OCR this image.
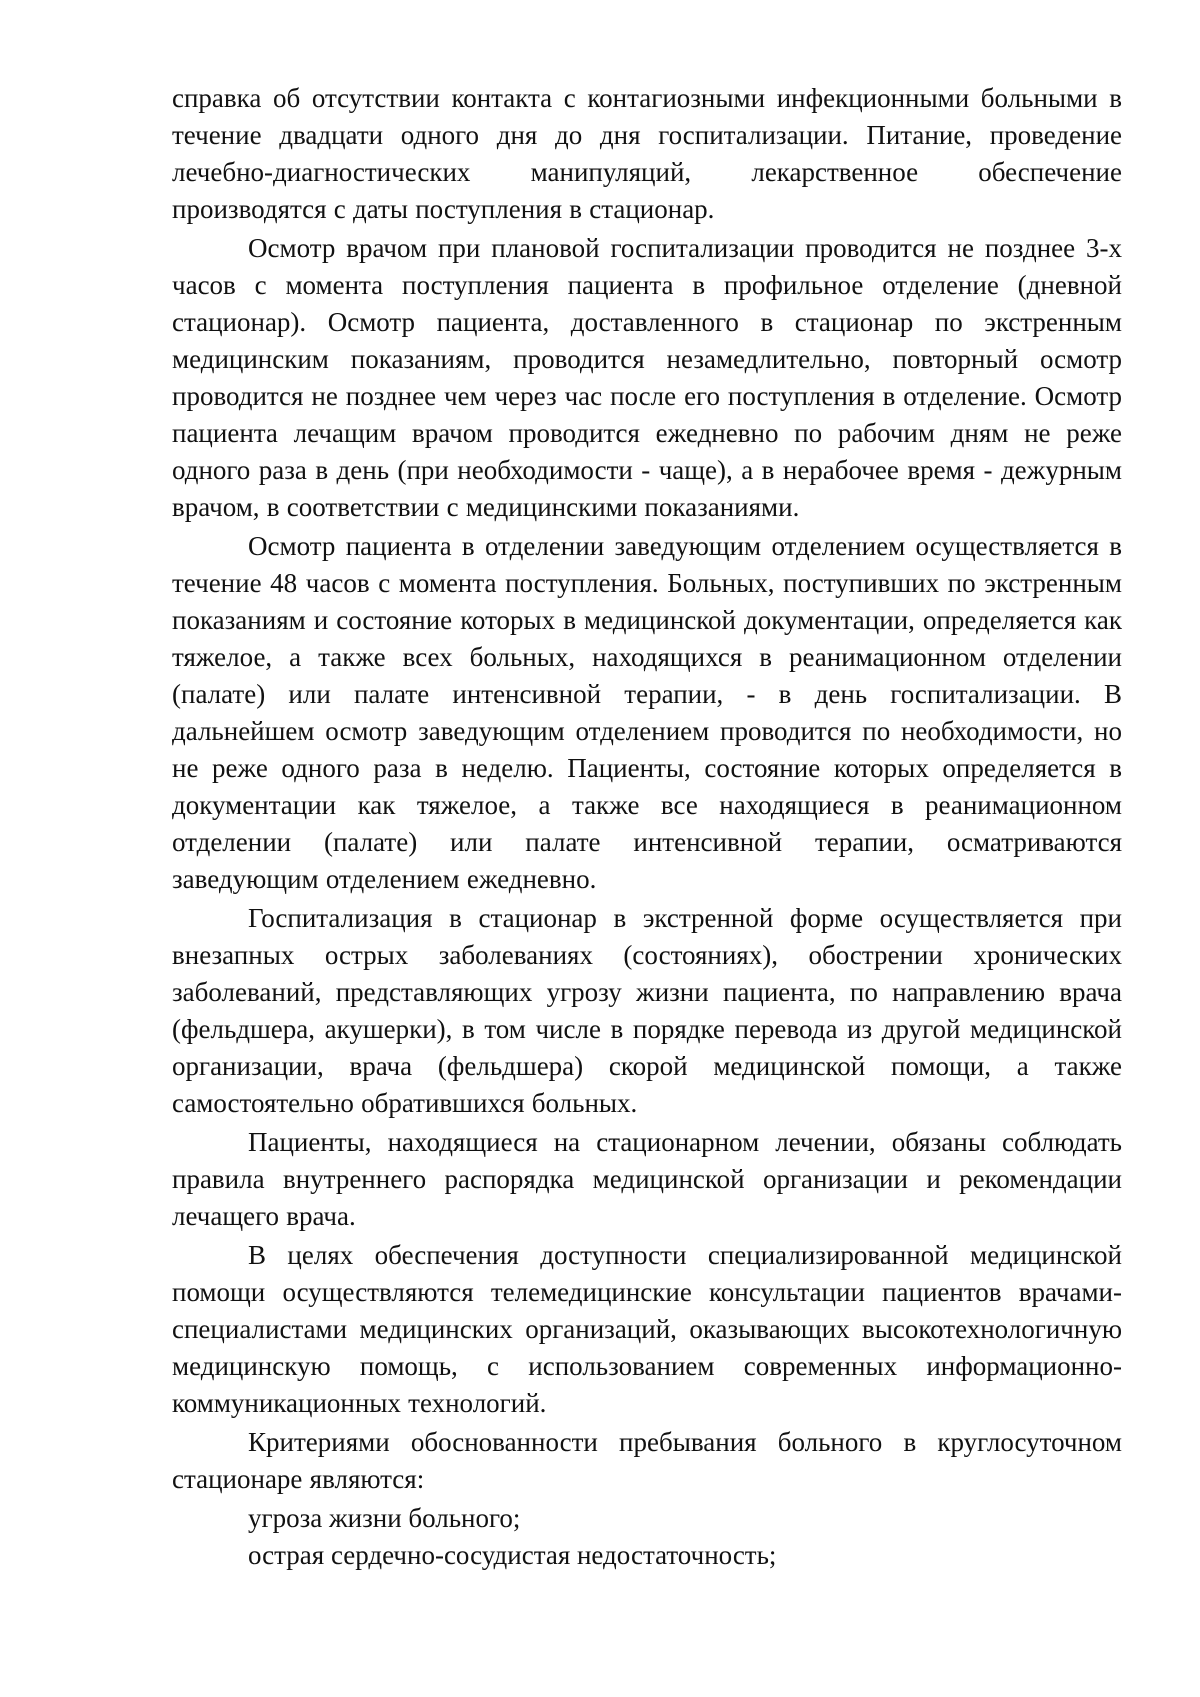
справка об отсутствии контакта с контагиозными инфекционными больными в течение двадцати одного дня до дня госпитализации. Питание, проведение лечебно-диагностических манипуляций, лекарственное обеспечение производятся с даты поступления в стационар.

Осмотр врачом при плановой госпитализации проводится не позднее 3-х часов с момента поступления пациента в профильное отделение (дневной стационар). Осмотр пациента, доставленного в стационар по экстренным медицинским показаниям, проводится незамедлительно, повторный осмотр проводится не позднее чем через час после его поступления в отделение. Осмотр пациента лечащим врачом проводится ежедневно по рабочим дням не реже одного раза в день (при необходимости - чаще), а в нерабочее время - дежурным врачом, в соответствии с медицинскими показаниями.

Осмотр пациента в отделении заведующим отделением осуществляется в течение 48 часов с момента поступления. Больных, поступивших по экстренным показаниям и состояние которых в медицинской документации, определяется как тяжелое, а также всех больных, находящихся в реанимационном отделении (палате) или палате интенсивной терапии, - в день госпитализации. В дальнейшем осмотр заведующим отделением проводится по необходимости, но не реже одного раза в неделю. Пациенты, состояние которых определяется в документации как тяжелое, а также все находящиеся в реанимационном отделении (палате) или палате интенсивной терапии, осматриваются заведующим отделением ежедневно.

Госпитализация в стационар в экстренной форме осуществляется при внезапных острых заболеваниях (состояниях), обострении хронических заболеваний, представляющих угрозу жизни пациента, по направлению врача (фельдшера, акушерки), в том числе в порядке перевода из другой медицинской организации, врача (фельдшера) скорой медицинской помощи, а также самостоятельно обратившихся больных.

Пациенты, находящиеся на стационарном лечении, обязаны соблюдать правила внутреннего распорядка медицинской организации и рекомендации лечащего врача.

В целях обеспечения доступности специализированной медицинской помощи осуществляются телемедицинские консультации пациентов врачами-специалистами медицинских организаций, оказывающих высокотехнологичную медицинскую помощь, с использованием современных информационно-коммуникационных технологий.

Критериями обоснованности пребывания больного в круглосуточном стационаре являются:

угроза жизни больного;

острая сердечно-сосудистая недостаточность;
